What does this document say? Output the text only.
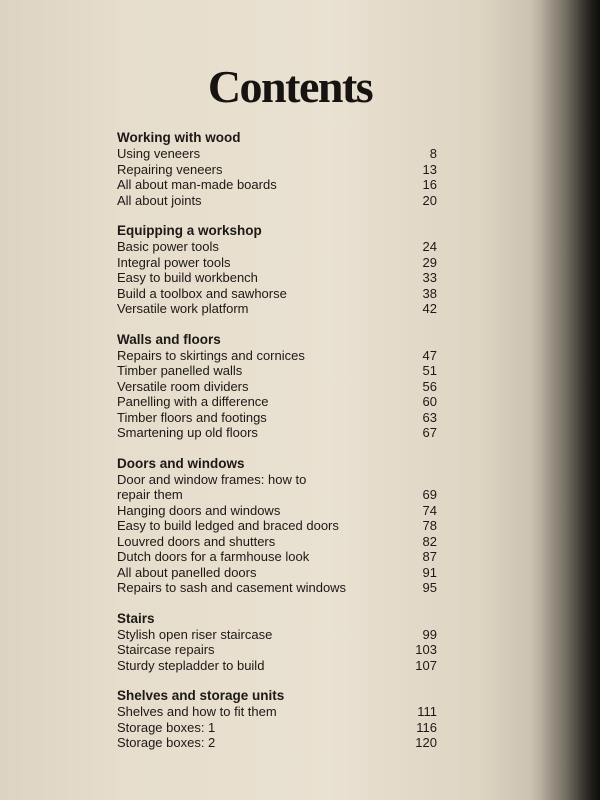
Contents
Working with wood
Using veneers	8
Repairing veneers	13
All about man-made boards	16
All about joints	20
Equipping a workshop
Basic power tools	24
Integral power tools	29
Easy to build workbench	33
Build a toolbox and sawhorse	38
Versatile work platform	42
Walls and floors
Repairs to skirtings and cornices	47
Timber panelled walls	51
Versatile room dividers	56
Panelling with a difference	60
Timber floors and footings	63
Smartening up old floors	67
Doors and windows
Door and window frames: how to
repair them	69
Hanging doors and windows	74
Easy to build ledged and braced doors	78
Louvred doors and shutters	82
Dutch doors for a farmhouse look	87
All about panelled doors	91
Repairs to sash and casement windows	95
Stairs
Stylish open riser staircase	99
Staircase repairs	103
Sturdy stepladder to build	107
Shelves and storage units
Shelves and how to fit them	111
Storage boxes: 1	116
Storage boxes: 2	120
